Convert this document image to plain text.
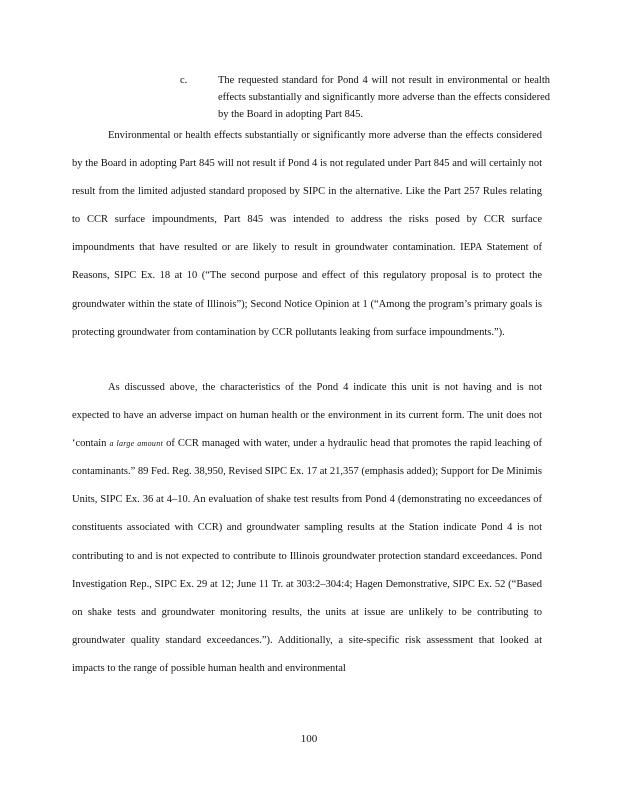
c.	The requested standard for Pond 4 will not result in environmental or health effects substantially and significantly more adverse than the effects considered by the Board in adopting Part 845.

Environmental or health effects substantially or significantly more adverse than the effects considered by the Board in adopting Part 845 will not result if Pond 4 is not regulated under Part 845 and will certainly not result from the limited adjusted standard proposed by SIPC in the alternative. Like the Part 257 Rules relating to CCR surface impoundments, Part 845 was intended to address the risks posed by CCR surface impoundments that have resulted or are likely to result in groundwater contamination. IEPA Statement of Reasons, SIPC Ex. 18 at 10 (“The second purpose and effect of this regulatory proposal is to protect the groundwater within the state of Illinois”); Second Notice Opinion at 1 (“Among the program’s primary goals is protecting groundwater from contamination by CCR pollutants leaking from surface impoundments.”).

As discussed above, the characteristics of the Pond 4 indicate this unit is not having and is not expected to have an adverse impact on human health or the environment in its current form. The unit does not ‘contain a large amount of CCR managed with water, under a hydraulic head that promotes the rapid leaching of contaminants.” 89 Fed. Reg. 38,950, Revised SIPC Ex. 17 at 21,357 (emphasis added); Support for De Minimis Units, SIPC Ex. 36 at 4–10. An evaluation of shake test results from Pond 4 (demonstrating no exceedances of constituents associated with CCR) and groundwater sampling results at the Station indicate Pond 4 is not contributing to and is not expected to contribute to Illinois groundwater protection standard exceedances. Pond Investigation Rep., SIPC Ex. 29 at 12; June 11 Tr. at 303:2–304:4; Hagen Demonstrative, SIPC Ex. 52 (“Based on shake tests and groundwater monitoring results, the units at issue are unlikely to be contributing to groundwater quality standard exceedances.”). Additionally, a site-specific risk assessment that looked at impacts to the range of possible human health and environmental

100
